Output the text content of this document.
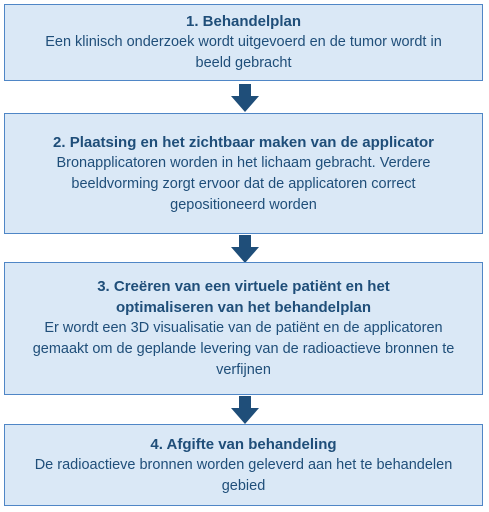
1. Behandelplan
Een klinisch onderzoek wordt uitgevoerd en de tumor wordt in beeld gebracht
2. Plaatsing en het zichtbaar maken van de applicator
Bronapplicatoren worden in het lichaam gebracht. Verdere beeldvorming zorgt ervoor dat de applicatoren correct gepositioneerd worden
3. Creëren van een virtuele patiënt en het optimaliseren van het behandelplan
Er wordt een 3D visualisatie van de patiënt en de applicatoren gemaakt om de geplande levering van de radioactieve bronnen te verfijnen
4. Afgifte van behandeling
De radioactieve bronnen worden geleverd aan het te behandelen gebied
